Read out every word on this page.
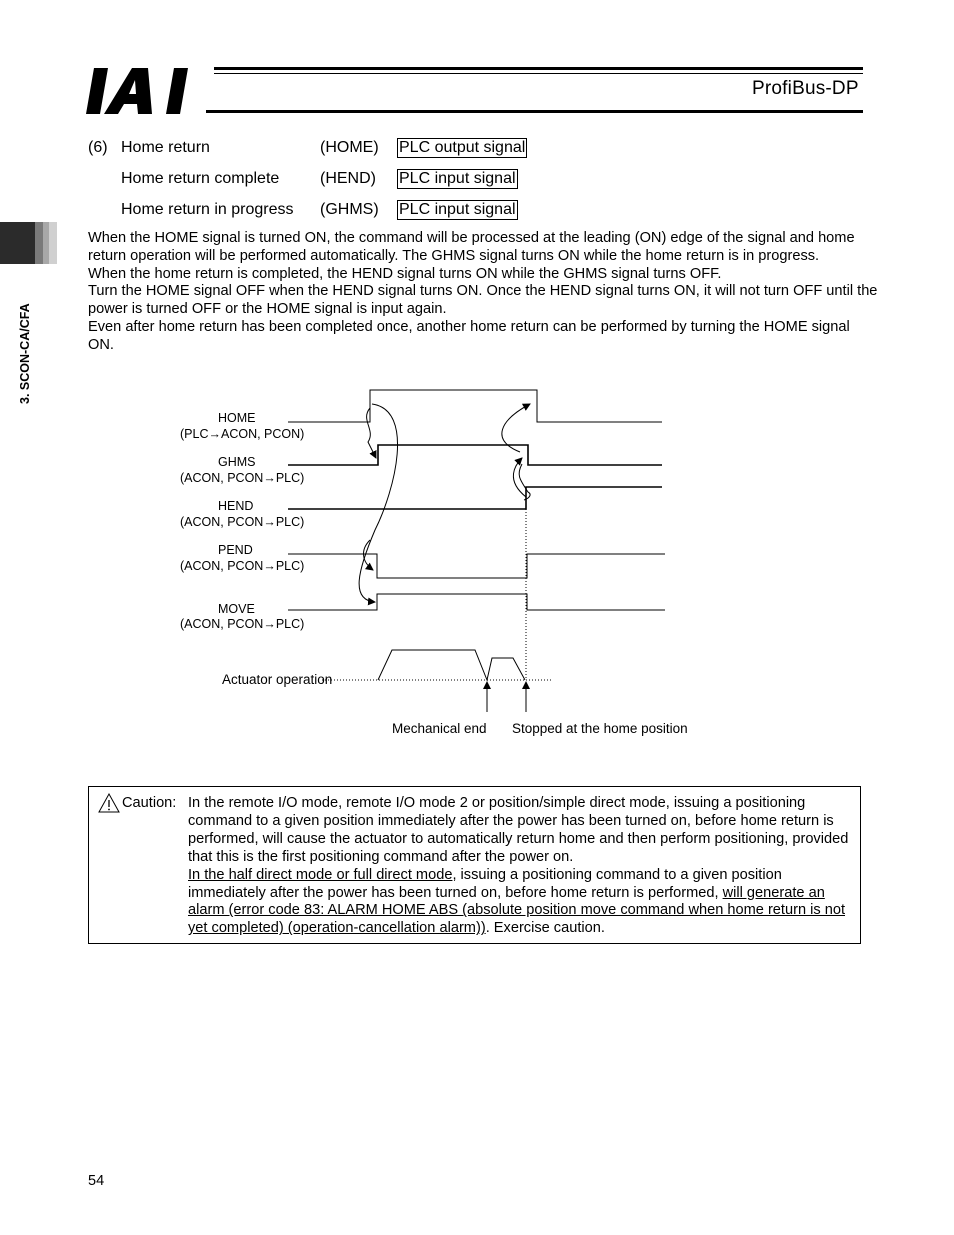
ProfiBus-DP
3. SCON-CA/CFA
(6) Home return	(HOME) PLC output signal
Home return complete	(HEND) PLC input signal
Home return in progress (GHMS) PLC input signal

When the HOME signal is turned ON, the command will be processed at the leading (ON) edge of the signal and home return operation will be performed automatically. The GHMS signal turns ON while the home return is in progress.

When the home return is completed, the HEND signal turns ON while the GHMS signal turns OFF.

Turn the HOME signal OFF when the HEND signal turns ON. Once the HEND signal turns ON, it will not turn OFF until the power is turned OFF or the HOME signal is input again.

Even after home return has been completed once, another home return can be performed by turning the HOME signal ON.

HOME
(PLC→ACON, PCON)
GHMS
(ACON, PCON→PLC)
HEND
(ACON, PCON→PLC)
PEND
(ACON, PCON→PLC)
MOVE
(ACON, PCON→PLC)
Actuator operation
Mechanical end Stopped at the home position
Caution: In the remote I/O mode, remote I/O mode 2 or position/simple direct mode, issuing a positioning command to a given position immediately after the power has been turned on, before home return is performed, will cause the actuator to automatically return home and then perform positioning, provided that this is the first positioning command after the power on.

In the half direct mode or full direct mode, issuing a positioning command to a given position immediately after the power has been turned on, before home return is performed, will generate an alarm (error code 83: ALARM HOME ABS (absolute position move command when home return is not yet completed) (operation-cancellation alarm)). Exercise caution.

54
